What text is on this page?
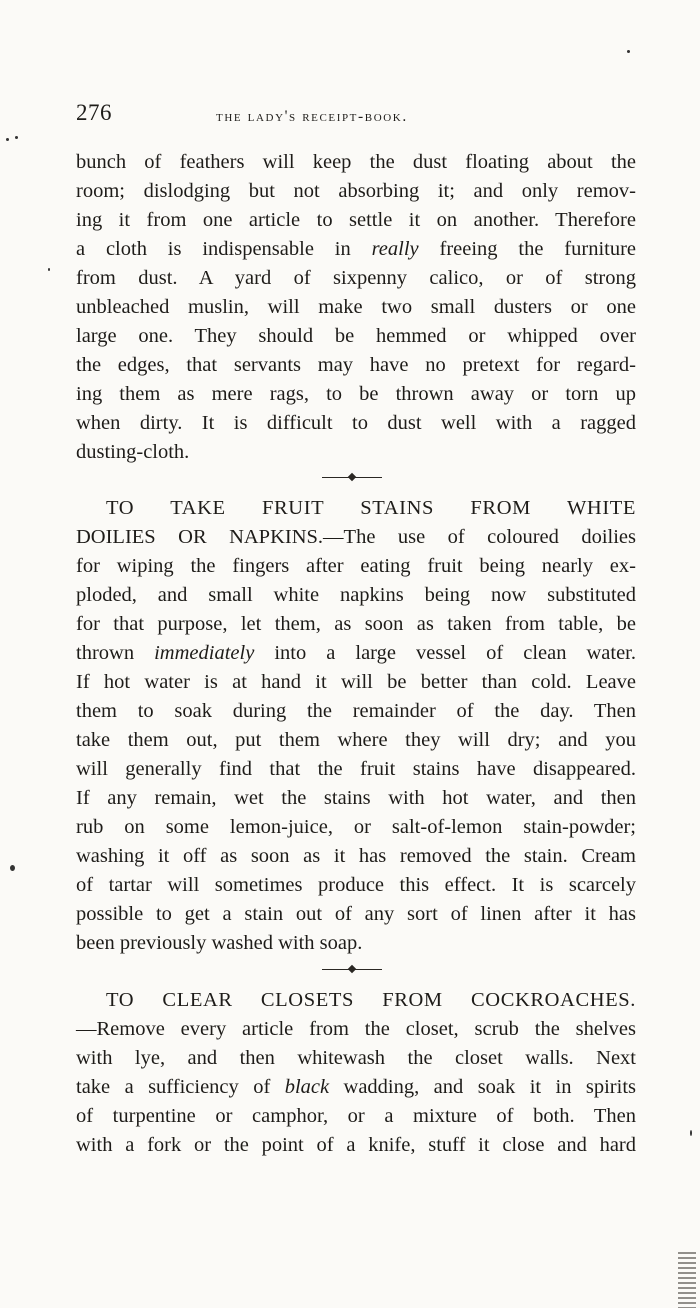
276	the lady's receipt-book.
bunch of feathers will keep the dust floating about the
room; dislodging but not absorbing it; and only remov-
ing it from one article to settle it on another. Therefore
a cloth is indispensable in really freeing the furniture
from dust. A yard of sixpenny calico, or of strong
unbleached muslin, will make two small dusters or one
large one. They should be hemmed or whipped over
the edges, that servants may have no pretext for regard-
ing them as mere rags, to be thrown away or torn up
when dirty. It is difficult to dust well with a ragged
dusting-cloth.
TO TAKE FRUIT STAINS FROM WHITE
DOILIES OR NAPKINS.—The use of coloured doilies
for wiping the fingers after eating fruit being nearly ex-
ploded, and small white napkins being now substituted
for that purpose, let them, as soon as taken from table, be
thrown immediately into a large vessel of clean water.
If hot water is at hand it will be better than cold. Leave
them to soak during the remainder of the day. Then
take them out, put them where they will dry; and you
will generally find that the fruit stains have disappeared.
If any remain, wet the stains with hot water, and then
rub on some lemon-juice, or salt-of-lemon stain-powder;
washing it off as soon as it has removed the stain. Cream
of tartar will sometimes produce this effect. It is scarcely
possible to get a stain out of any sort of linen after it has
been previously washed with soap.
TO CLEAR CLOSETS FROM COCKROACHES.
—Remove every article from the closet, scrub the shelves
with lye, and then whitewash the closet walls. Next
take a sufficiency of black wadding, and soak it in spirits
of turpentine or camphor, or a mixture of both. Then
with a fork or the point of a knife, stuff it close and hard
